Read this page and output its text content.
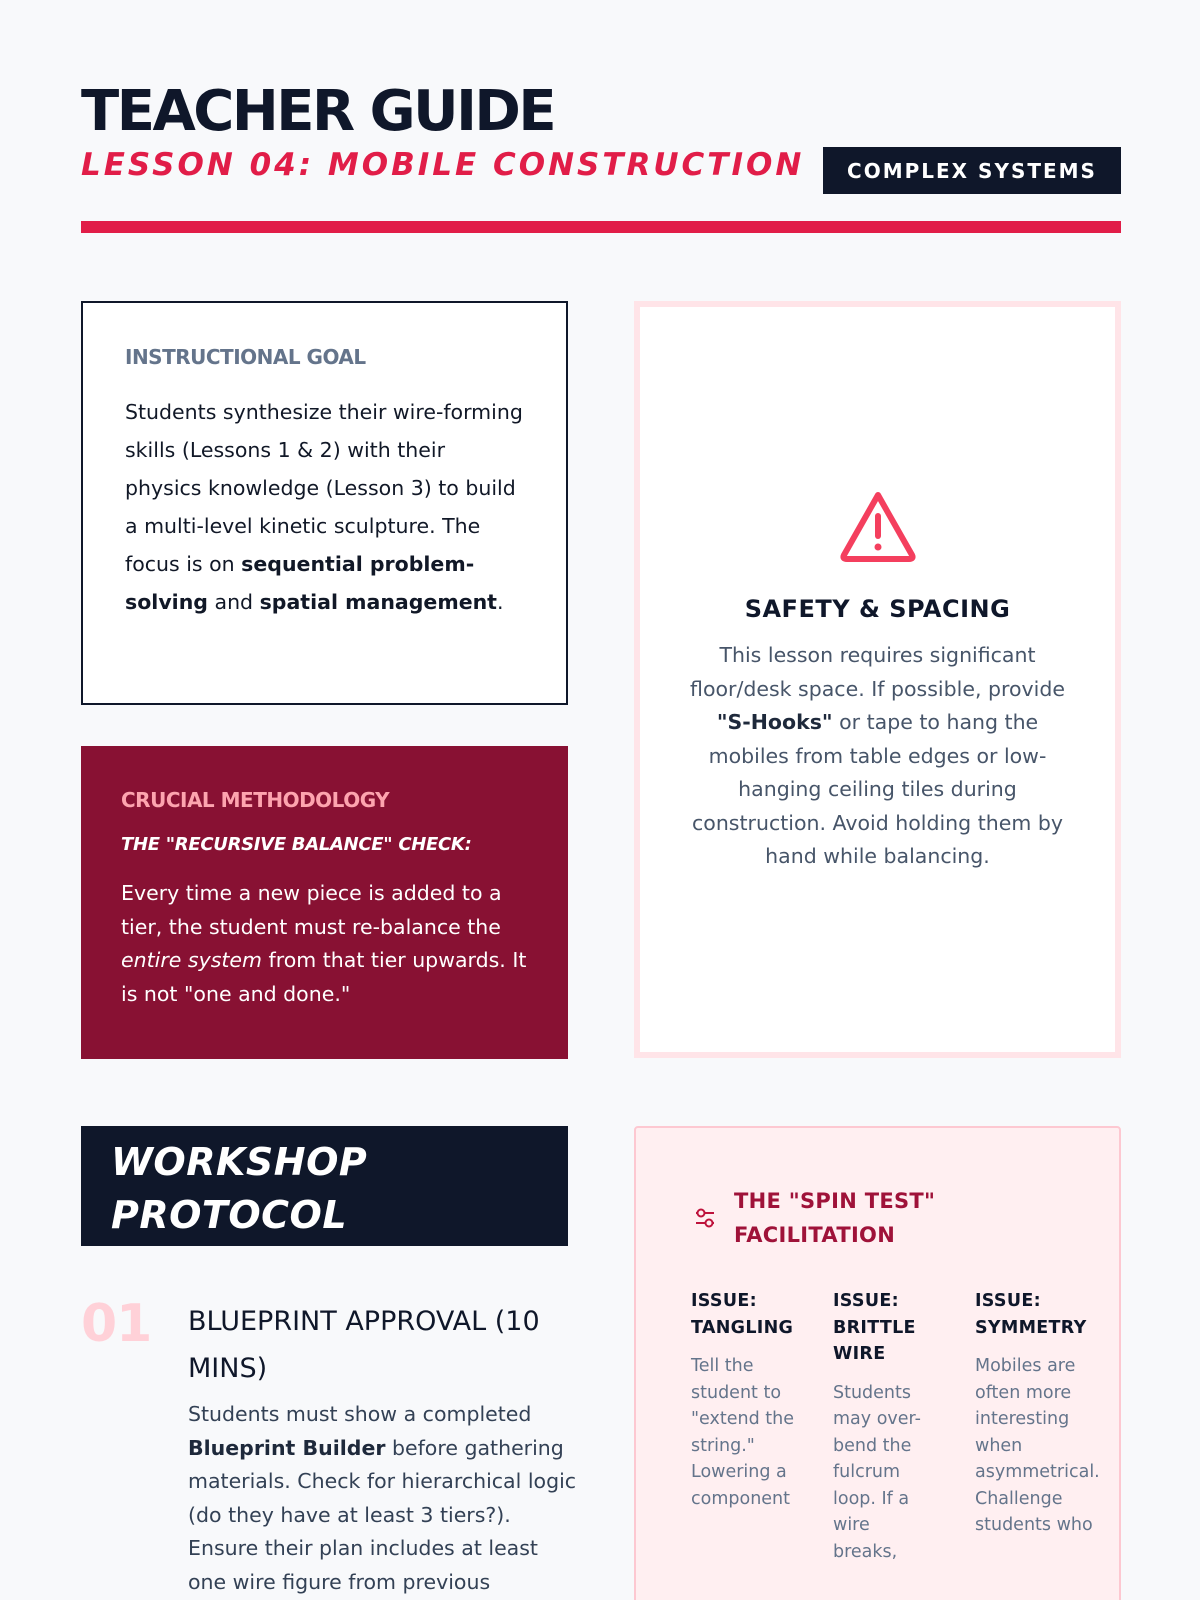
TEACHER GUIDE
LESSON 04: MOBILE CONSTRUCTION	COMPLEX SYSTEMS
INSTRUCTIONAL GOAL

Students synthesize their wire-forming skills (Lessons 1 & 2) with their physics knowledge (Lesson 3) to build a multi-level kinetic sculpture. The focus is on sequential problem-solving and spatial management.

CRUCIAL METHODOLOGY
THE "RECURSIVE BALANCE" CHECK:

Every time a new piece is added to a tier, the student must re-balance the entire system from that tier upwards. It is not "one and done."

SAFETY & SPACING

This lesson requires significant floor/desk space. If possible, provide "S-Hooks" or tape to hang the mobiles from table edges or low-hanging ceiling tiles during construction. Avoid holding them by hand while balancing.

WORKSHOP
PROTOCOL
01 BLUEPRINT APPROVAL (10 MINS)

Students must show a completed Blueprint Builder before gathering materials. Check for hierarchical logic (do they have at least 3 tiers?). Ensure their plan includes at least one wire figure from previous

THE "SPIN TEST" FACILITATION
ISSUE: TANGLING
Tell the student to "extend the string." Lowering a component
ISSUE: BRITTLE WIRE
Students may over-bend the fulcrum loop. If a wire breaks,
ISSUE: SYMMETRY
Mobiles are often more interesting when asymmetrical. Challenge students who
